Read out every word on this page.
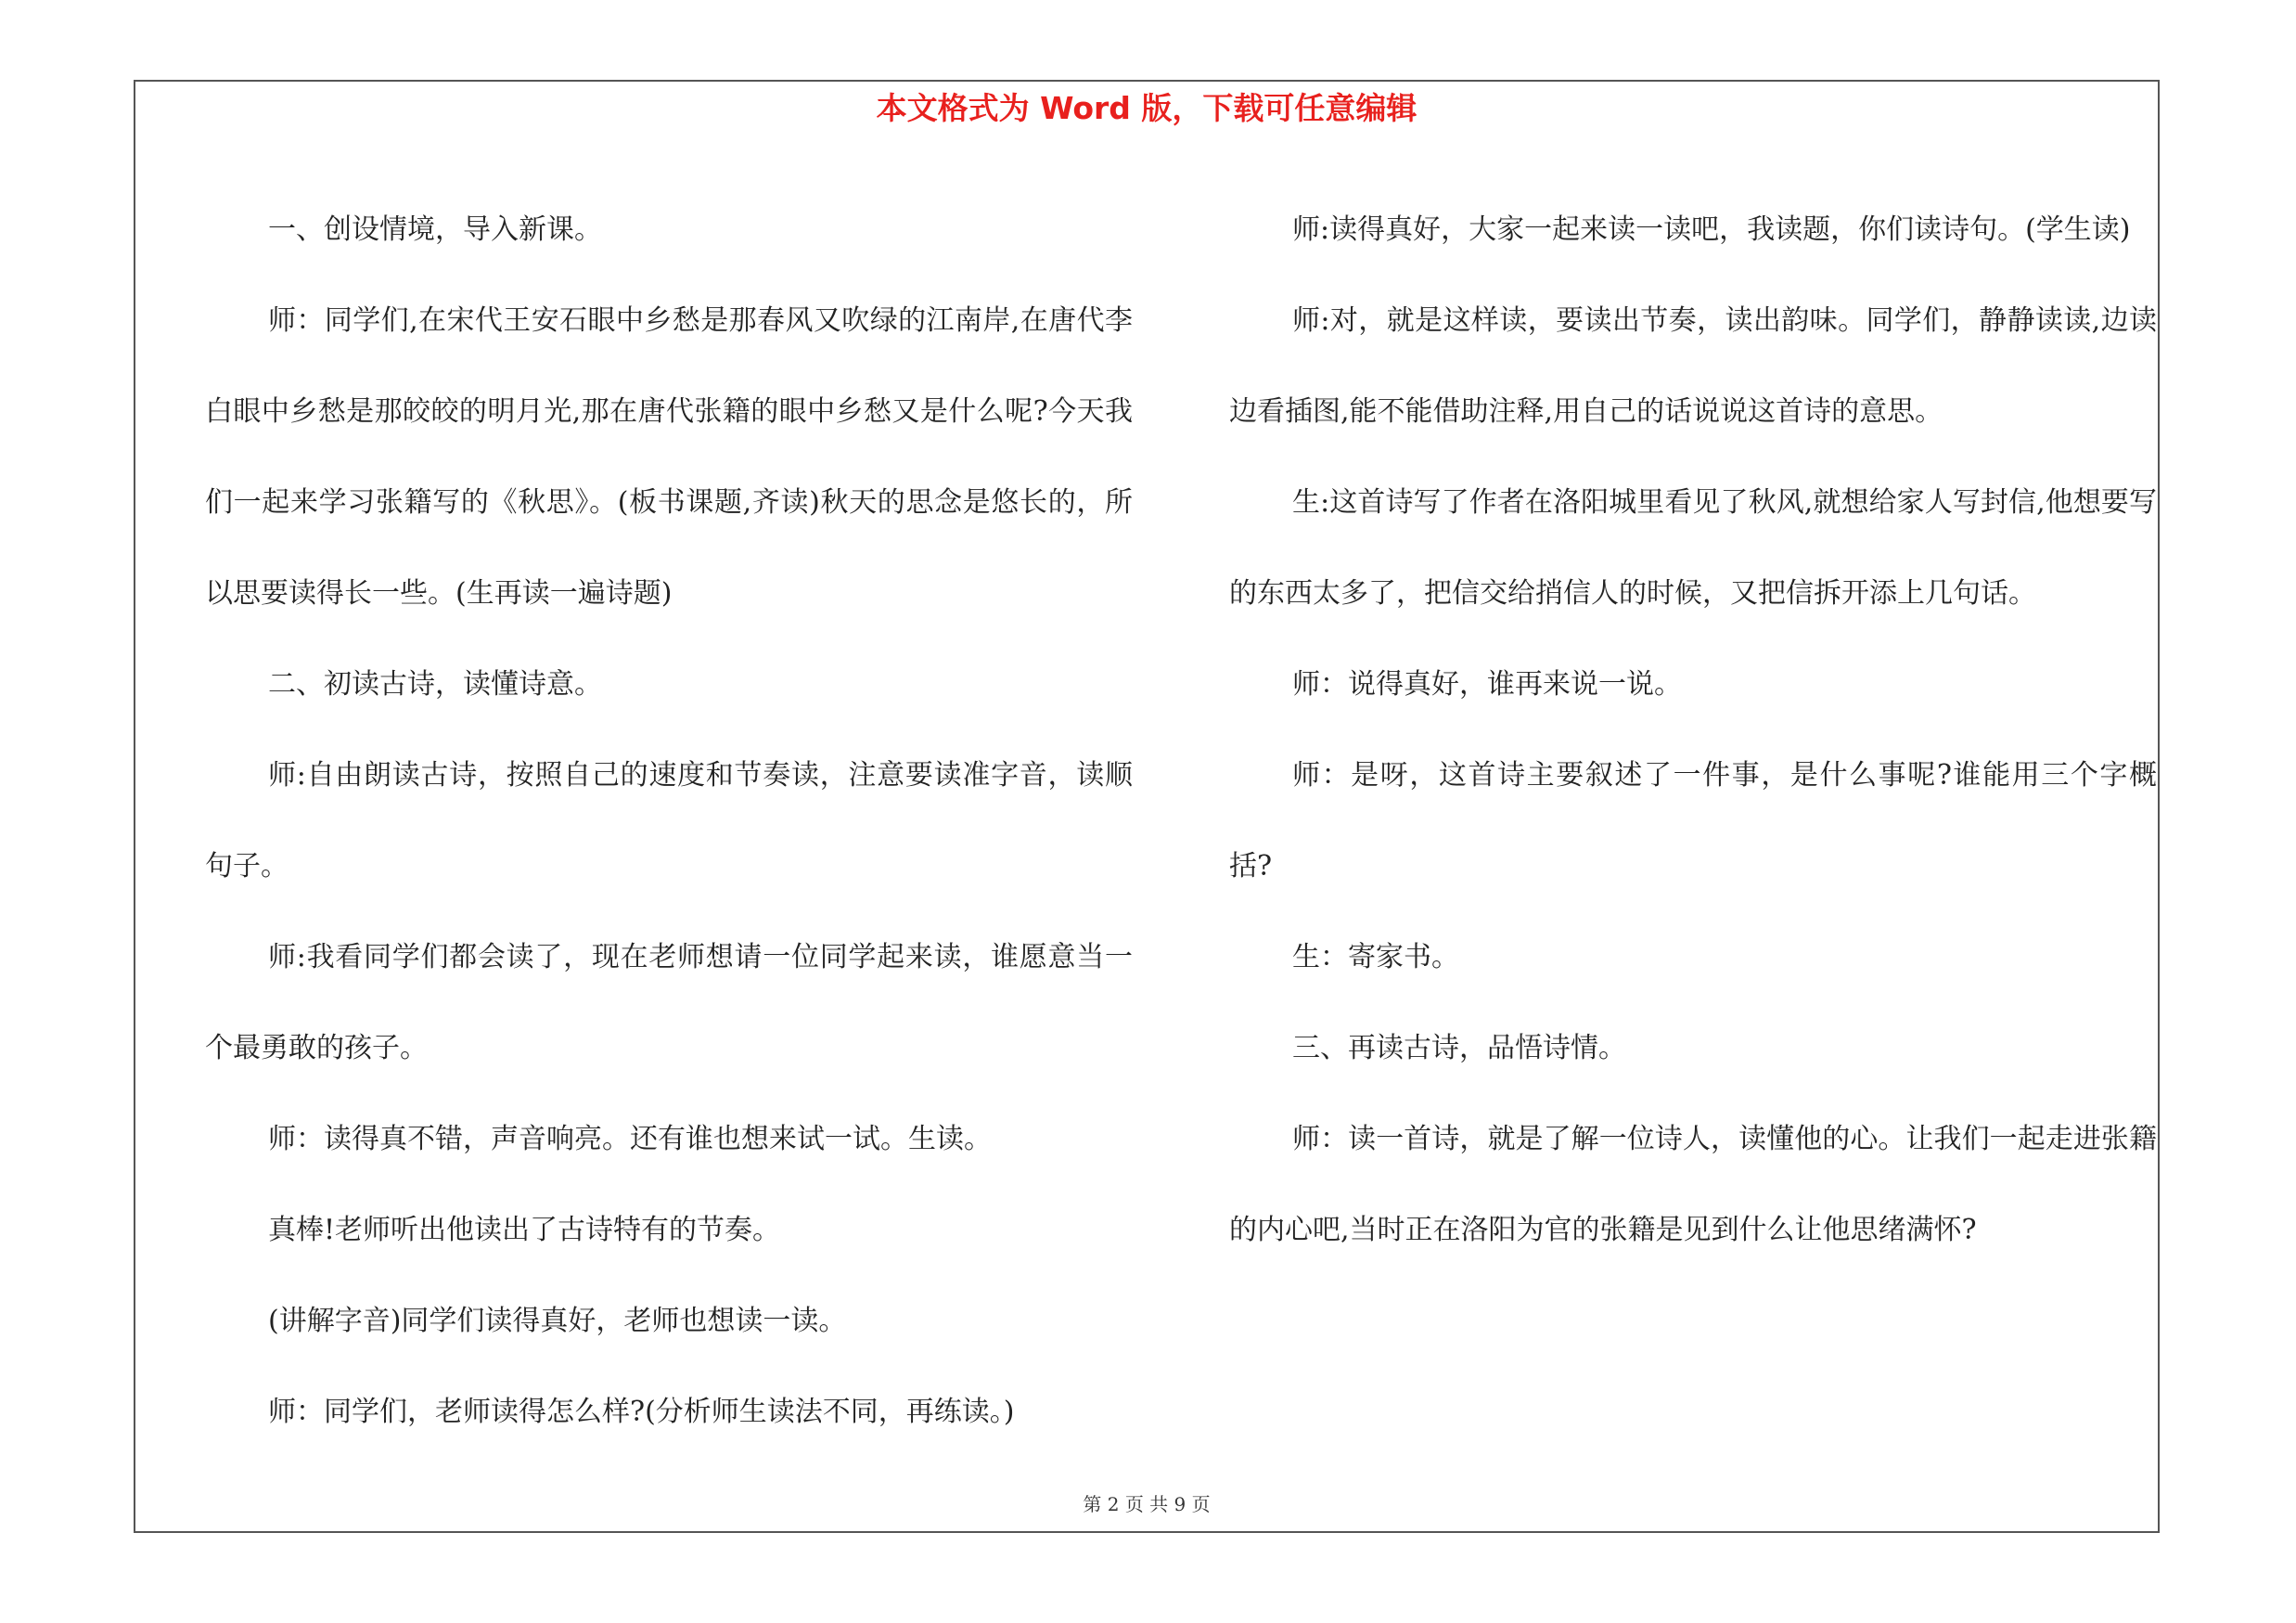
本文格式为 Word 版，下载可任意编辑

一、创设情境，导入新课。

师：同学们,在宋代王安石眼中乡愁是那春风又吹绿的江南岸,在唐代李白眼中乡愁是那皎皎的明月光,那在唐代张籍的眼中乡愁又是什么呢?今天我们一起来学习张籍写的《秋思》。(板书课题,齐读)秋天的思念是悠长的，所以思要读得长一些。(生再读一遍诗题)

二、初读古诗，读懂诗意。

师:自由朗读古诗，按照自己的速度和节奏读，注意要读准字音，读顺句子。

师:我看同学们都会读了，现在老师想请一位同学起来读，谁愿意当一个最勇敢的孩子。

师：读得真不错，声音响亮。还有谁也想来试一试。生读。

真棒!老师听出他读出了古诗特有的节奏。

(讲解字音)同学们读得真好，老师也想读一读。

师：同学们，老师读得怎么样?(分析师生读法不同，再练读。)

师:读得真好，大家一起来读一读吧，我读题，你们读诗句。(学生读)

师:对，就是这样读，要读出节奏，读出韵味。同学们，静静读读,边读边看插图,能不能借助注释,用自己的话说说这首诗的意思。

生:这首诗写了作者在洛阳城里看见了秋风,就想给家人写封信,他想要写的东西太多了，把信交给捎信人的时候，又把信拆开添上几句话。

师：说得真好，谁再来说一说。

师：是呀，这首诗主要叙述了一件事，是什么事呢?谁能用三个字概括?

生：寄家书。

三、再读古诗，品悟诗情。

师：读一首诗，就是了解一位诗人，读懂他的心。让我们一起走进张籍的内心吧,当时正在洛阳为官的张籍是见到什么让他思绪满怀?

第 2 页 共 9 页
